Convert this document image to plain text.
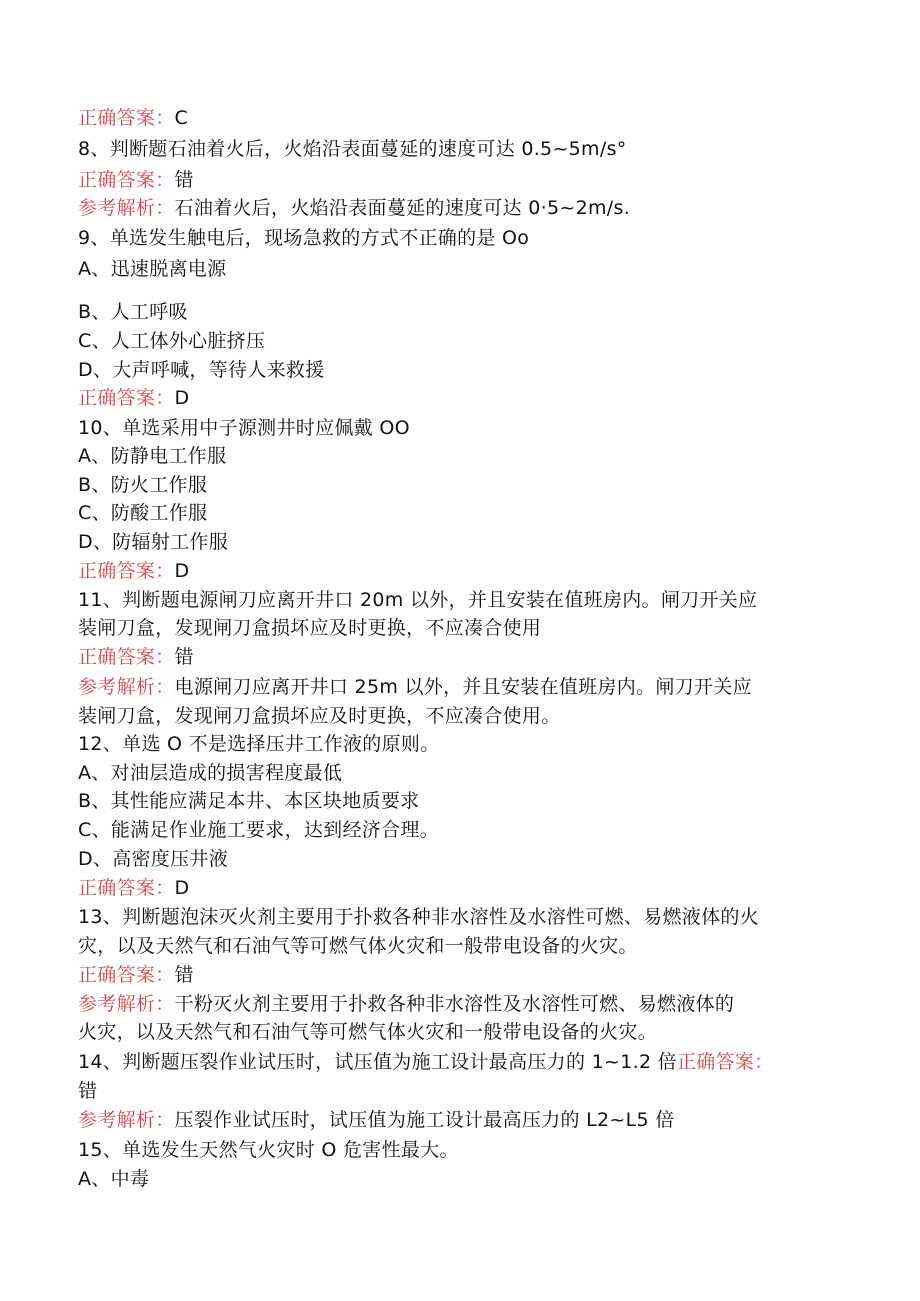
正确答案：C
8、判断题石油着火后，火焰沿表面蔓延的速度可达 0.5~5m/s°
正确答案：错
参考解析：石油着火后，火焰沿表面蔓延的速度可达 0·5~2m/s.
9、单选发生触电后，现场急救的方式不正确的是 Oo
A、迅速脱离电源
B、人工呼吸
C、人工体外心脏挤压
D、大声呼喊，等待人来救援
正确答案：D
10、单选采用中子源测井时应佩戴 OO
A、防静电工作服
B、防火工作服
C、防酸工作服
D、防辐射工作服
正确答案：D
11、判断题电源闸刀应离开井口 20m 以外，并且安装在值班房内。闸刀开关应
装闸刀盒，发现闸刀盒损坏应及时更换，不应凑合使用
正确答案：错
参考解析：电源闸刀应离开井口 25m 以外，并且安装在值班房内。闸刀开关应
装闸刀盒，发现闸刀盒损坏应及时更换，不应凑合使用。
12、单选 O 不是选择压井工作液的原则。
A、对油层造成的损害程度最低
B、其性能应满足本井、本区块地质要求
C、能满足作业施工要求，达到经济合理。
D、高密度压井液
正确答案：D
13、判断题泡沫灭火剂主要用于扑救各种非水溶性及水溶性可燃、易燃液体的火
灾，以及天然气和石油气等可燃气体火灾和一般带电设备的火灾。
正确答案：错
参考解析：干粉灭火剂主要用于扑救各种非水溶性及水溶性可燃、易燃液体的
火灾，以及天然气和石油气等可燃气体火灾和一般带电设备的火灾。
14、判断题压裂作业试压时，试压值为施工设计最高压力的 1~1.2 倍正确答案：
错
参考解析：压裂作业试压时，试压值为施工设计最高压力的 L2~L5 倍
15、单选发生天然气火灾时 O 危害性最大。
A、中毒
